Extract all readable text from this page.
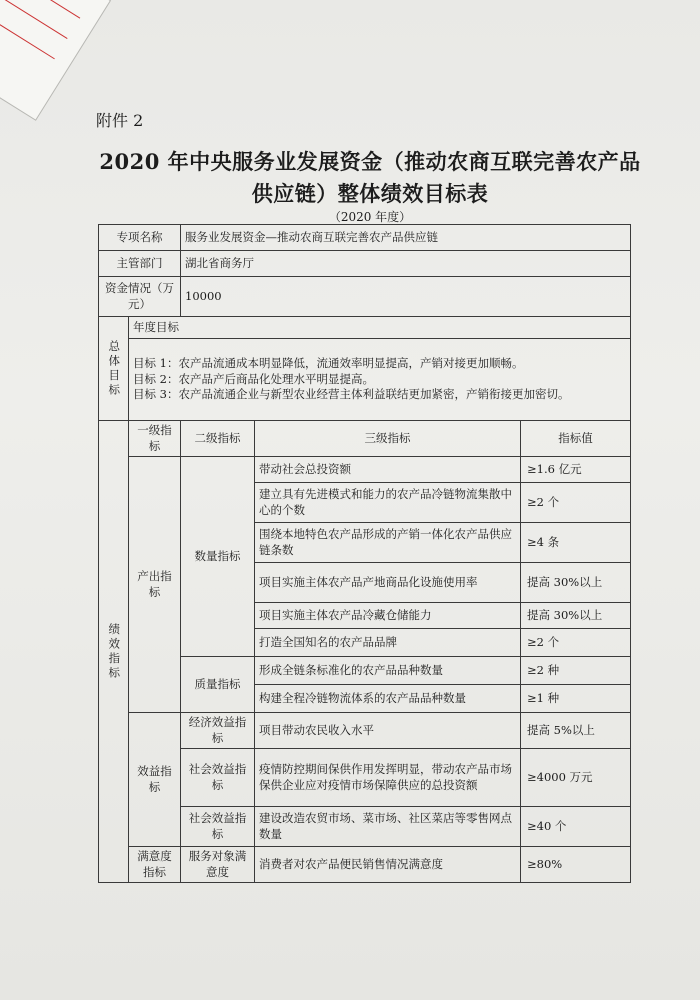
附件 2
2020 年中央服务业发展资金（推动农商互联完善农产品
供应链）整体绩效目标表
（2020 年度）
专项名称		服务业发展资金—推动农商互联完善农产品供应链		
主管部门		湖北省商务厅		
资金情况（万元）		10000		

总体目标	年度目标			

	目标 1：农产品流通成本明显降低，流通效率明显提高，产销对接更加顺畅。
目标 2：农产品产后商品化处理水平明显提高。
目标 3：农产品流通企业与新型农业经营主体利益联结更加紧密，产销衔接更加密切。			

绩效指标	一级指标	二级指标	三级指标	指标值
	产出指标	数量指标	带动社会总投资额	≥1.6 亿元
			建立具有先进模式和能力的农产品冷链物流集散中心的个数	≥2 个
			围绕本地特色农产品形成的产销一体化农产品供应链条数	≥4 条
			项目实施主体农产品产地商品化设施使用率	提高 30%以上
			项目实施主体农产品冷藏仓储能力	提高 30%以上
			打造全国知名的农产品品牌	≥2 个
		质量指标	形成全链条标准化的农产品品种数量	≥2 种
			构建全程冷链物流体系的农产品品种数量	≥1 种
	效益指标	经济效益指标	项目带动农民收入水平	提高 5%以上
		社会效益指标	疫情防控期间保供作用发挥明显，带动农产品市场保供企业应对疫情市场保障供应的总投资额	≥4000 万元
		社会效益指标	建设改造农贸市场、菜市场、社区菜店等零售网点数量	≥40 个
	满意度指标	服务对象满意度	消费者对农产品便民销售情况满意度	≥80%
